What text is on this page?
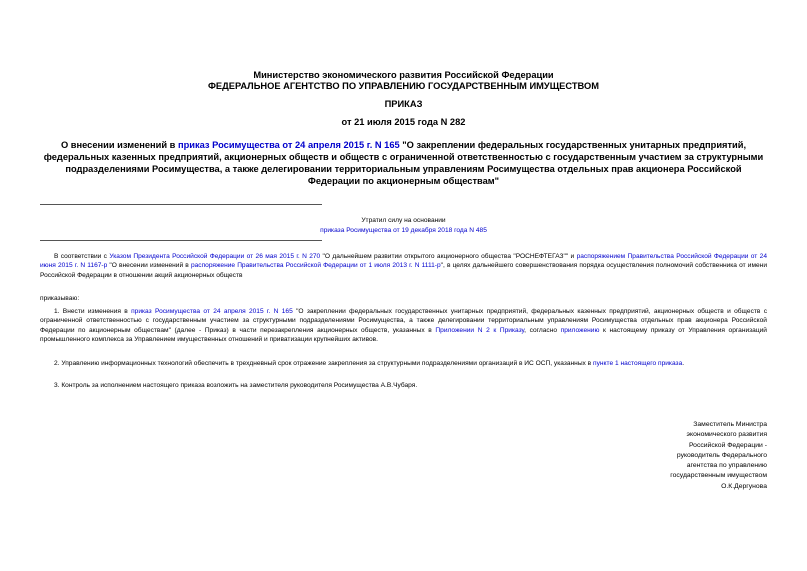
Министерство экономического развития Российской Федерации
ФЕДЕРАЛЬНОЕ АГЕНТСТВО ПО УПРАВЛЕНИЮ ГОСУДАРСТВЕННЫМ ИМУЩЕСТВОМ
ПРИКАЗ
от 21 июля 2015 года N 282
О внесении изменений в приказ Росимущества от 24 апреля 2015 г. N 165 "О закреплении федеральных государственных унитарных предприятий, федеральных казенных предприятий, акционерных обществ и обществ с ограниченной ответственностью с государственным участием за структурными подразделениями Росимущества, а также делегировании территориальным управлениям Росимущества отдельных прав акционера Российской Федерации по акционерным обществам"
Утратил силу на основании
приказа Росимущества от 19 декабря 2018 года N 485
В соответствии с Указом Президента Российской Федерации от 26 мая 2015 г. N 270 "О дальнейшем развитии открытого акционерного общества "РОСНЕФТЕГАЗ"" и распоряжением Правительства Российской Федерации от 24 июня 2015 г. N 1167-р "О внесении изменений в распоряжение Правительства Российской Федерации от 1 июля 2013 г. N 1111-р", в целях дальнейшего совершенствования порядка осуществления полномочий собственника от имени Российской Федерации в отношении акций акционерных обществ
приказываю:
1. Внести изменения в приказ Росимущества от 24 апреля 2015 г. N 165 "О закреплении федеральных государственных унитарных предприятий, федеральных казенных предприятий, акционерных обществ и обществ с ограниченной ответственностью с государственным участием за структурными подразделениями Росимущества, а также делегировании территориальным управлениям Росимущества отдельных прав акционера Российской Федерации по акционерным обществам" (далее - Приказ) в части перезакрепления акционерных обществ, указанных в Приложении N 2 к Приказу, согласно приложению к настоящему приказу от Управления организаций промышленного комплекса за Управлением имущественных отношений и приватизации крупнейших активов.
2. Управлению информационных технологий обеспечить в трехдневный срок отражение закрепления за структурными подразделениями организаций в ИС ОСП, указанных в пункте 1 настоящего приказа.
3. Контроль за исполнением настоящего приказа возложить на заместителя руководителя Росимущества А.В.Чубаря.
Заместитель Министра
экономического развития
Российской Федерации -
руководитель Федерального
агентства по управлению
государственным имуществом
О.К.Дергунова
